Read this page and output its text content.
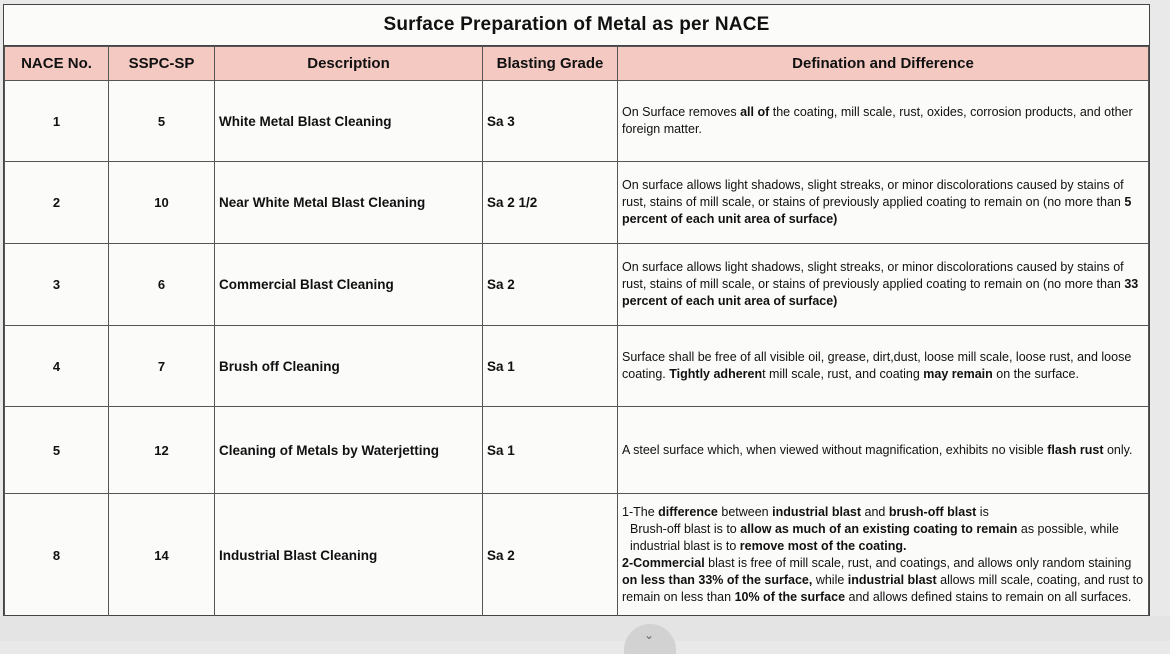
Surface Preparation of Metal as per NACE
NACE No.	SSPC-SP	Description	Blasting Grade	Defination and Difference
1	5	White Metal Blast Cleaning	Sa 3	On Surface removes all of the coating, mill scale, rust, oxides, corrosion products, and other foreign matter.
2	10	Near White Metal Blast Cleaning	Sa 2 1/2	On surface allows light shadows, slight streaks, or minor discolorations caused by stains of rust, stains of mill scale, or stains of previously applied coating to remain on (no more than 5 percent of each unit area of surface)
3	6	Commercial Blast Cleaning	Sa 2	On surface allows light shadows, slight streaks, or minor discolorations caused by stains of rust, stains of mill scale, or stains of previously applied coating to remain on (no more than 33 percent of each unit area of surface)
4	7	Brush off Cleaning	Sa 1	Surface shall be free of all visible oil, grease, dirt,dust, loose mill scale, loose rust, and loose coating. Tightly adherent mill scale, rust, and coating may remain on the surface.
5	12	Cleaning of Metals by Waterjetting	Sa 1	A steel surface which, when viewed without magnification, exhibits no visible flash rust only.
8	14	Industrial Blast Cleaning	Sa 2	1-The difference between industrial blast and brush-off blast is
Brush-off blast is to allow as much of an existing coating to remain as possible, while industrial blast is to remove most of the coating.
2-Commercial blast is free of mill scale, rust, and coatings, and allows only random staining on less than 33% of the surface, while industrial blast allows mill scale, coating, and rust to remain on less than 10% of the surface and allows defined stains to remain on all surfaces.
⌄
